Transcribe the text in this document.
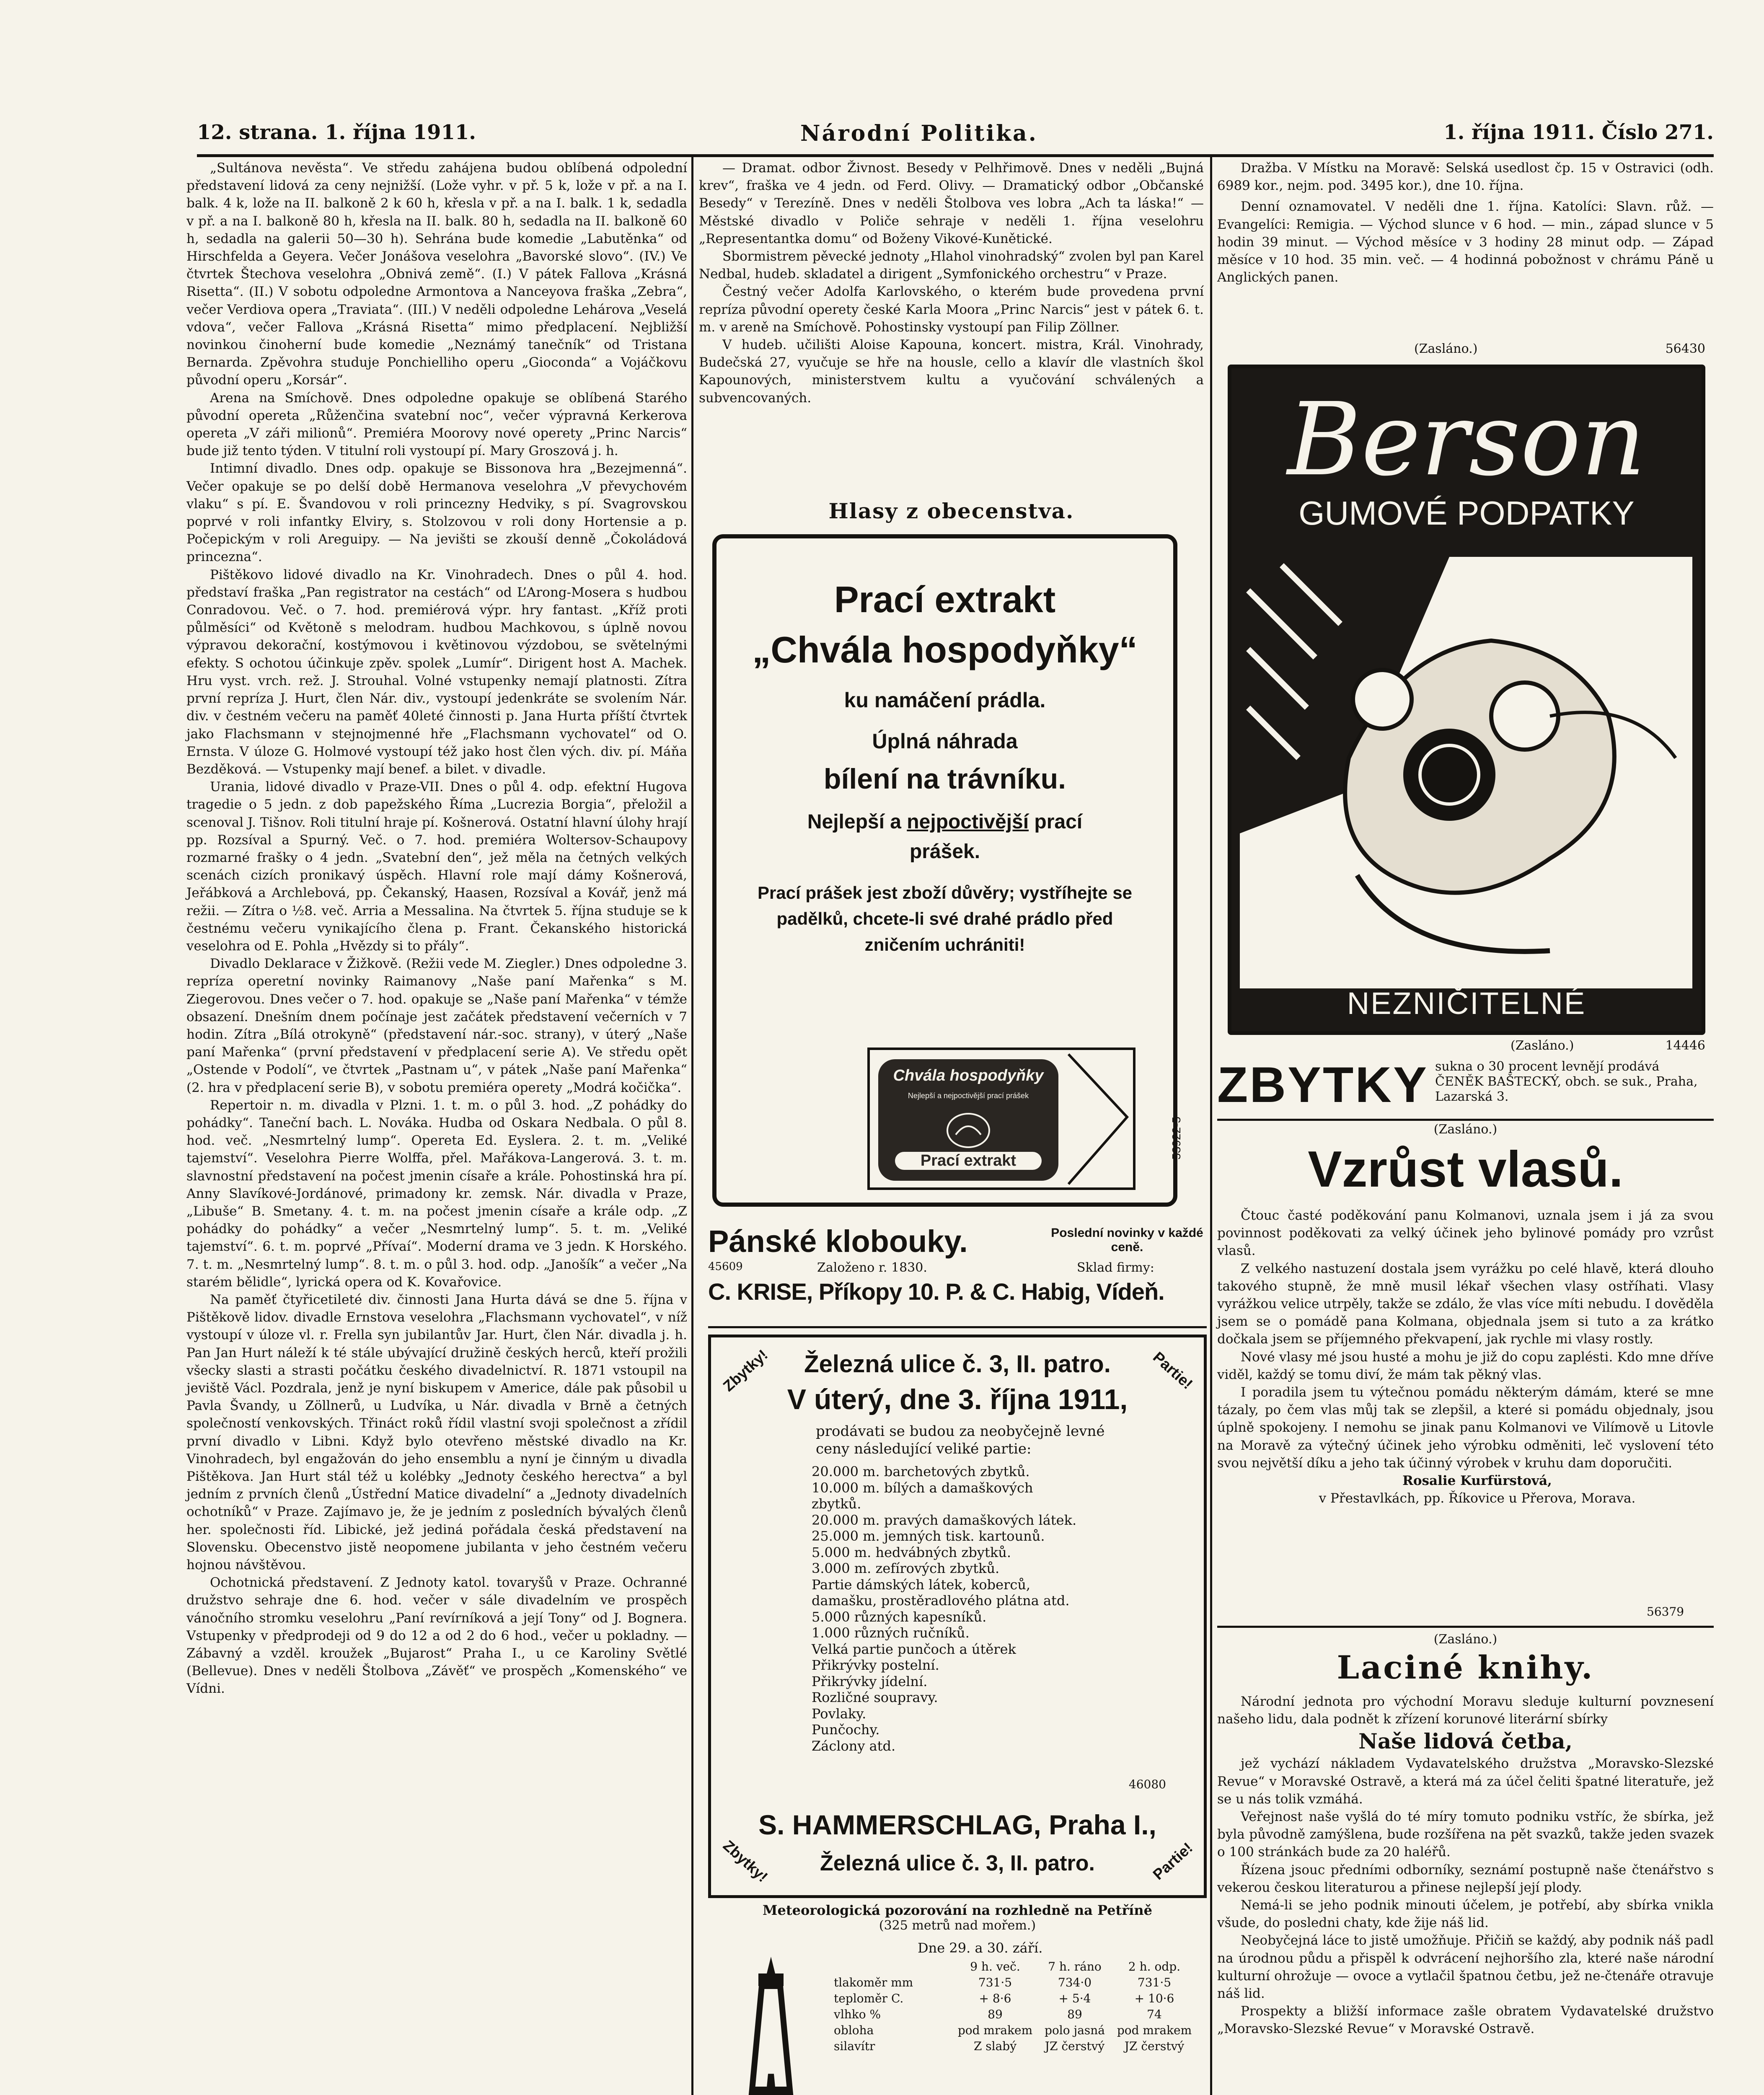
12. strana. 1. října 1911.	Národní Politika.	1. října 1911. Číslo 271.

„Sultánova nevěsta“. Ve středu zahájena budou oblíbená odpolední představení lidová za ceny nejnižší. (Lože vyhr. v př. 5 k, lože v př. a na I. balk. 4 k, lože na II. balkoně 2 k 60 h, křesla v př. a na I. balk. 1 k, sedadla v př. a na I. balkoně 80 h, křesla na II. balk. 80 h, sedadla na II. balkoně 60 h, sedadla na galerii 50—30 h). Sehrána bude komedie „Labutěnka“ od Hirschfelda a Geyera. Večer Jonášova veselohra „Bavorské slovo“. (IV.) Ve čtvrtek Štechova veselohra „Obnivá země“. (I.) V pátek Fallova „Krásná Risetta“. (II.) V sobotu odpoledne Armontova a Nanceyova fraška „Zebra“, večer Verdiova opera „Traviata“. (III.) V neděli odpoledne Lehárova „Veselá vdova“, večer Fallova „Krásná Risetta“ mimo předplacení. Nejbližší novinkou činoherní bude komedie „Neznámý tanečník“ od Tristana Bernarda. Zpěvohra studuje Ponchielliho operu „Gioconda“ a Vojáčkovu původní operu „Korsár“.

Arena na Smíchově. Dnes odpoledne opakuje se oblíbená Starého původní opereta „Růženčina svatební noc“, večer výpravná Kerkerova opereta „V záři milionů“. Premiéra Moorovy nové operety „Princ Narcis“ bude již tento týden. V titulní roli vystoupí pí. Mary Groszová j. h.

Intimní divadlo. Dnes odp. opakuje se Bissonova hra „Bezejmenná“. Večer opakuje se po delší době Hermanova veselohra „V převychovém vlaku“ s pí. E. Švandovou v roli princezny Hedviky, s pí. Svagrovskou poprvé v roli infantky Elviry, s. Stolzovou v roli dony Hortensie a p. Počepickým v roli Areguipy. — Na jevišti se zkouší denně „Čokoládová princezna“.

Pištěkovo lidové divadlo na Kr. Vinohradech. Dnes o půl 4. hod. představí fraška „Pan registrator na cestách“ od L’Arong-Mosera s hudbou Conradovou. Več. o 7. hod. premiérová výpr. hry fantast. „Kříž proti půlměsíci“ od Květoně s melodram. hudbou Machkovou, s úplně novou výpravou dekorační, kostýmovou i květinovou výzdobou, se světelnými efekty. S ochotou účinkuje zpěv. spolek „Lumír“. Dirigent host A. Machek. Hru vyst. vrch. rež. J. Strouhal. Volné vstupenky nemají platnosti. Zítra první repríza J. Hurt, člen Nár. div., vystoupí jedenkráte se svolením Nár. div. v čestném večeru na paměť 40leté činnosti p. Jana Hurta příští čtvrtek jako Flachsmann v stejnojmenné hře „Flachsmann vychovatel“ od O. Ernsta. V úloze G. Holmové vystoupí též jako host člen vých. div. pí. Máňa Bezděková. — Vstupenky mají benef. a bilet. v divadle.

Urania, lidové divadlo v Praze-VII. Dnes o půl 4. odp. efektní Hugova tragedie o 5 jedn. z dob papežského Říma „Lucrezia Borgia“, přeložil a scenoval J. Tišnov. Roli titulní hraje pí. Košnerová. Ostatní hlavní úlohy hrají pp. Rozsíval a Spurný. Več. o 7. hod. premiéra Woltersov-Schaupovy rozmarné frašky o 4 jedn. „Svatební den“, jež měla na četných velkých scenách cizích pronikavý úspěch. Hlavní role mají dámy Košnerová, Jeřábková a Archlebová, pp. Čekanský, Haasen, Rozsíval a Kovář, jenž má režii. — Zítra o ½8. več. Arria a Messalina. Na čtvrtek 5. října studuje se k čestnému večeru vynikajícího člena p. Frant. Čekanského historická veselohra od E. Pohla „Hvězdy si to přály“.

Divadlo Deklarace v Žižkově. (Režii vede M. Ziegler.) Dnes odpoledne 3. repríza operetní novinky Raimanovy „Naše paní Mařenka“ s M. Ziegerovou. Dnes večer o 7. hod. opakuje se „Naše paní Mařenka“ v témže obsazení. Dnešním dnem počínaje jest začátek představení večerních v 7 hodin. Zítra „Bílá otrokyně“ (představení nár.-soc. strany), v úterý „Naše paní Mařenka“ (první představení v předplacení serie A). Ve středu opět „Ostende v Podolí“, ve čtvrtek „Pastnam u“, v pátek „Naše paní Mařenka“ (2. hra v předplacení serie B), v sobotu premiéra operety „Modrá kočička“.

Repertoir n. m. divadla v Plzni. 1. t. m. o půl 3. hod. „Z pohádky do pohádky“. Taneční bach. L. Nováka. Hudba od Oskara Nedbala. O půl 8. hod. več. „Nesmrtelný lump“. Opereta Ed. Eyslera. 2. t. m. „Veliké tajemství“. Veselohra Pierre Wolffa, přel. Mařákova-Langerová. 3. t. m. slavnostní představení na počest jmenin císaře a krále. Pohostinská hra pí. Anny Slavíkové-Jordánové, primadony kr. zemsk. Nár. divadla v Praze, „Libuše“ B. Smetany. 4. t. m. na počest jmenin císaře a krále odp. „Z pohádky do pohádky“ a večer „Nesmrtelný lump“. 5. t. m. „Veliké tajemství“. 6. t. m. poprvé „Přívaí“. Moderní drama ve 3 jedn. K Horského. 7. t. m. „Nesmrtelný lump“. 8. t. m. o půl 3. hod. odp. „Janošík“ a večer „Na starém bělidle“, lyrická opera od K. Kovařovice.

Na paměť čtyřicetileté div. činnosti Jana Hurta dává se dne 5. října v Pištěkově lidov. divadle Ernstova veselohra „Flachsmann vychovatel“, v níž vystoupí v úloze vl. r. Frella syn jubilantův Jar. Hurt, člen Nár. divadla j. h. Pan Jan Hurt náleží k té stále ubývající družině českých herců, kteří prožili všecky slasti a strasti počátku českého divadelnictví. R. 1871 vstoupil na jeviště Václ. Pozdrala, jenž je nyní biskupem v Americe, dále pak působil u Pavla Švandy, u Zöllnerů, u Ludvíka, u Nár. divadla v Brně a četných společností venkovských. Třináct roků řídil vlastní svoji společnost a zřídil první divadlo v Libni. Když bylo otevřeno městské divadlo na Kr. Vinohradech, byl engažován do jeho ensemblu a nyní je činným u divadla Pištěkova. Jan Hurt stál též u kolébky „Jednoty českého herectva“ a byl jedním z prvních členů „Ústřední Matice divadelní“ a „Jednoty divadelních ochotníků“ v Praze. Zajímavo je, že je jedním z posledních bývalých členů her. společnosti říd. Libické, jež jediná pořádala česká představení na Slovensku. Obecenstvo jistě neopomene jubilanta v jeho čestném večeru hojnou návštěvou.

Ochotnická představení. Z Jednoty katol. tovaryšů v Praze. Ochranné družstvo sehraje dne 6. hod. večer v sále divadelním ve prospěch vánočního stromku veselohru „Paní revírníková a její Tony“ od J. Bognera. Vstupenky v předprodeji od 9 do 12 a od 2 do 6 hod., večer u pokladny. — Zábavný a vzděl. kroužek „Bujarost“ Praha I., u ce Karoliny Světlé (Bellevue). Dnes v neděli Štolbova „Závěť“ ve prospěch „Komenského“ ve Vídni.

— Dramat. odbor Živnost. Besedy v Pelhřimově. Dnes v neděli „Bujná krev“, fraška ve 4 jedn. od Ferd. Olivy. — Dramatický odbor „Občanské Besedy“ v Terezíně. Dnes v neděli Štolbova ves lobra „Ach ta láska!“ — Městské divadlo v Poliče sehraje v neděli 1. října veselohru „Representantka domu“ od Boženy Vikové-Kunětické.

Sbormistrem pěvecké jednoty „Hlahol vinohradský“ zvolen byl pan Karel Nedbal, hudeb. skladatel a dirigent „Symfonického orchestru“ v Praze.

Čestný večer Adolfa Karlovského, o kterém bude provedena první repríza původní operety české Karla Moora „Princ Narcis“ jest v pátek 6. t. m. v areně na Smíchově. Pohostinsky vystoupí pan Filip Zöllner.

V hudeb. učilišti Aloise Kapouna, koncert. mistra, Král. Vinohrady, Budečská 27, vyučuje se hře na housle, cello a klavír dle vlastních škol Kapounových, ministerstvem kultu a vyučování schválených a subvencovaných.

Hlasy z obecenstva.
Prací extrakt
„Chvála hospodyňky“
ku namáčení prádla.
Úplná náhrada
bílení na trávníku.
Nejlepší a nejpoctivější prací
prášek.
Prací prášek jest zboží důvěry; vystříhejte se padělků, chcete-li své drahé prádlo před zničením uchrániti!
Chvála hospodyňky
Nejlepší a nejpoctivější prací prášek
Prací extrakt
53922-5
Pánské klobouky.	Poslední novinky v každé ceně.
45609	Založeno r. 1830.	Sklad firmy:
C. KRISE, Příkopy 10. P. & C. Habig, Vídeň.
Zbytky!	Partie!
Zbytky!	Partie!
Železná ulice č. 3, II. patro.
V úterý, dne 3. října 1911,
prodávati se budou za neobyčejně levné ceny následující veliké partie:
20.000 m. barchetových zbytků.
10.000 m. bílých a damaškových zbytků.
20.000 m. pravých damaškových látek.
25.000 m. jemných tisk. kartounů.
5.000 m. hedvábných zbytků.
3.000 m. zefírových zbytků.
Partie dámských látek, koberců, damašku, prostěradlového plátna atd.
5.000 různých kapesníků.
1.000 různých ručníků.
Velká partie punčoch a útěrek
Přikrývky postelní.
Přikrývky jídelní.
Rozličné soupravy.
Povlaky.
Punčochy.
Záclony atd.
46080
S. HAMMERSCHLAG, Praha I.,
Železná ulice č. 3, II. patro.
Meteorologická pozorování na rozhledně na Petříně
(325 metrů nad mořem.)
Dne 29. a 30. září.
9 h. več.	7 h. ráno	2 h. odp.
tlakoměr mm	731·5	734·0	731·5
teploměr C.	+ 8·6	+ 5·4	+ 10·6
vlhko %	89	89	74
oblohа	pod mrakem	polo jasná	pod mrakem
silavítr	Z slabý	JZ čerstvý	JZ čerstvý

Dražba. V Místku na Moravě: Selská usedlost čp. 15 v Ostravici (odh. 6989 kor., nejm. pod. 3495 kor.), dne 10. října.

Denní oznamovatel. V neděli dne 1. října. Katolíci: Slavn. růž. — Evangelíci: Remigia. — Východ slunce v 6 hod. — min., západ slunce v 5 hodin 39 minut. — Východ měsíce v 3 hodiny 28 minut odp. — Západ měsíce v 10 hod. 35 min. več. — 4 hodinná pobožnost v chrámu Páně u Anglických panen.

(Zasláno.)	56430
Berson
GUMOVÉ PODPATKY
NEZNIČITELNÉ
(Zasláno.)	14446
ZBYTKY sukna o 30 procent levnějí prodává ČENĚK BAŠTECKÝ, obch. se suk., Praha, Lazarská 3.
(Zasláno.)
Vzrůst vlasů.

Čtouc časté poděkování panu Kolmanovi, uznala jsem i já za svou povinnost poděkovati za velký účinek jeho bylinové pomády pro vzrůst vlasů.

Z velkého nastuzení dostala jsem vyrážku po celé hlavě, která dlouho takového stupně, že mně musil lékař všechen vlasy ostříhati. Vlasy vyrážkou velice utrpěly, takže se zdálo, že vlas více míti nebudu. I dověděla jsem se o pomádě pana Kolmana, objednala jsem si tuto a za krátko dočkala jsem se příjemného překvapení, jak rychle mi vlasy rostly.

Nové vlasy mé jsou husté a mohu je již do copu zaplésti. Kdo mne dříve viděl, každý se tomu diví, že mám tak pěkný vlas.

I poradila jsem tu výtečnou pomádu některým dámám, které se mne tázaly, po čem vlas můj tak se zlepšil, a které si pomádu objednaly, jsou úplně spokojeny. I nemohu se jinak panu Kolmanovi ve Vilímově u Litovle na Moravě za výtečný účinek jeho výrobku odměniti, leč vyslovení této svou největší díku a jeho tak účinný výrobek v kruhu dam doporučiti.

Rosalie Kurfürstová,

v Přestavlkách, pp. Říkovice u Přerova, Morava.

56379
(Zasláno.)
Laciné knihy.

Národní jednota pro východní Moravu sleduje kulturní povznesení našeho lidu, dala podnět k zřízení korunové literární sbírky

Naše lidová četba,

jež vychází nákladem Vydavatelského družstva „Moravsko-Slezské Revue“ v Moravské Ostravě, a která má za účel čeliti špatné literatuře, jež se u nás tolik vzmáhá.

Veřejnost naše vyšlá do té míry tomuto podniku vstříc, že sbírka, jež byla původně zamýšlena, bude rozšířena na pět svazků, takže jeden svazek o 100 stránkách bude za 20 haléřů.

Řízena jsouc předními odborníky, seznámí postupně naše čtenářstvo s vekerou českou literaturou a přinese nejlepší její plody.

Nemá-li se jeho podnik minouti účelem, je potřebí, aby sbírka vnikla všude, do posledni chaty, kde žije náš lid.

Neobyčejná láce to jistě umožňuje. Přičiň se každý, aby podnik náš padl na úrodnou půdu a přispěl k odvrácení nejhoršího zla, které naše národní kulturní ohrožuje — ovoce a vytlačil špatnou četbu, jež ne-čtenáře otravuje náš lid.

Prospekty a bližší informace zašle obratem Vydavatelské družstvo „Moravsko-Slezské Revue“ v Moravské Ostravě.
